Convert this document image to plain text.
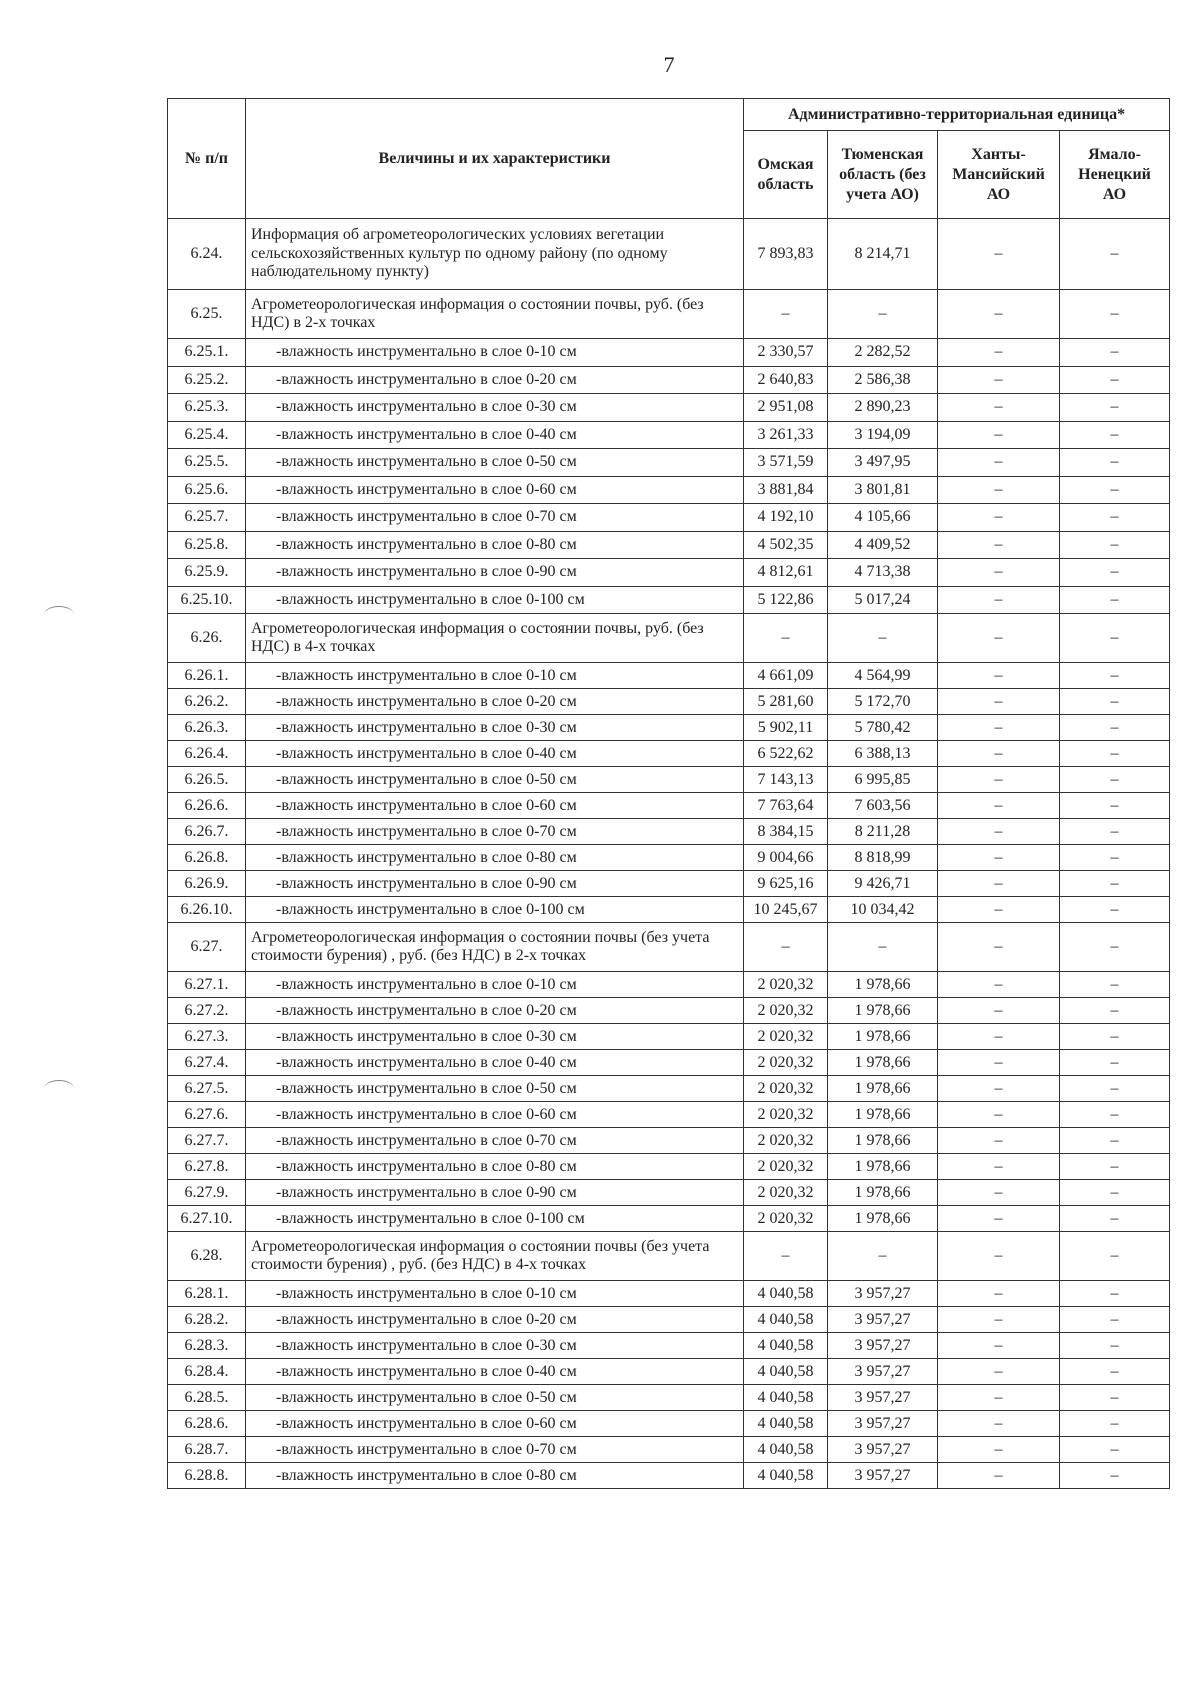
7
№ п/п	Величины и их характеристики	Административно-территориальная единица*			
		Омская область	Тюменская область (без учета АО)	Ханты-Мансийский АО	Ямало-Ненецкий АО
6.24.	Информация об агрометеорологических условиях вегетации сельскохозяйственных культур по одному району (по одному наблюдательному пункту)	7 893,83	8 214,71	–	–
6.25.	Агрометеорологическая информация о состоянии почвы, руб. (без НДС) в 2-х точках	–	–	–	–
6.25.1.	-влажность инструментально в слое 0-10 см	2 330,57	2 282,52	–	–
6.25.2.	-влажность инструментально в слое 0-20 см	2 640,83	2 586,38	–	–
6.25.3.	-влажность инструментально в слое 0-30 см	2 951,08	2 890,23	–	–
6.25.4.	-влажность инструментально в слое 0-40 см	3 261,33	3 194,09	–	–
6.25.5.	-влажность инструментально в слое 0-50 см	3 571,59	3 497,95	–	–
6.25.6.	-влажность инструментально в слое 0-60 см	3 881,84	3 801,81	–	–
6.25.7.	-влажность инструментально в слое 0-70 см	4 192,10	4 105,66	–	–
6.25.8.	-влажность инструментально в слое 0-80 см	4 502,35	4 409,52	–	–
6.25.9.	-влажность инструментально в слое 0-90 см	4 812,61	4 713,38	–	–
6.25.10.	-влажность инструментально в слое 0-100 см	5 122,86	5 017,24	–	–
6.26.	Агрометеорологическая информация о состоянии почвы, руб. (без НДС) в 4-х точках	–	–	–	–
6.26.1.	-влажность инструментально в слое 0-10 см	4 661,09	4 564,99	–	–
6.26.2.	-влажность инструментально в слое 0-20 см	5 281,60	5 172,70	–	–
6.26.3.	-влажность инструментально в слое 0-30 см	5 902,11	5 780,42	–	–
6.26.4.	-влажность инструментально в слое 0-40 см	6 522,62	6 388,13	–	–
6.26.5.	-влажность инструментально в слое 0-50 см	7 143,13	6 995,85	–	–
6.26.6.	-влажность инструментально в слое 0-60 см	7 763,64	7 603,56	–	–
6.26.7.	-влажность инструментально в слое 0-70 см	8 384,15	8 211,28	–	–
6.26.8.	-влажность инструментально в слое 0-80 см	9 004,66	8 818,99	–	–
6.26.9.	-влажность инструментально в слое 0-90 см	9 625,16	9 426,71	–	–
6.26.10.	-влажность инструментально в слое 0-100 см	10 245,67	10 034,42	–	–
6.27.	Агрометеорологическая информация о состоянии почвы (без учета стоимости бурения) , руб. (без НДС) в 2-х точках	–	–	–	–
6.27.1.	-влажность инструментально в слое 0-10 см	2 020,32	1 978,66	–	–
6.27.2.	-влажность инструментально в слое 0-20 см	2 020,32	1 978,66	–	–
6.27.3.	-влажность инструментально в слое 0-30 см	2 020,32	1 978,66	–	–
6.27.4.	-влажность инструментально в слое 0-40 см	2 020,32	1 978,66	–	–
6.27.5.	-влажность инструментально в слое 0-50 см	2 020,32	1 978,66	–	–
6.27.6.	-влажность инструментально в слое 0-60 см	2 020,32	1 978,66	–	–
6.27.7.	-влажность инструментально в слое 0-70 см	2 020,32	1 978,66	–	–
6.27.8.	-влажность инструментально в слое 0-80 см	2 020,32	1 978,66	–	–
6.27.9.	-влажность инструментально в слое 0-90 см	2 020,32	1 978,66	–	–
6.27.10.	-влажность инструментально в слое 0-100 см	2 020,32	1 978,66	–	–
6.28.	Агрометеорологическая информация о состоянии почвы (без учета стоимости бурения) , руб. (без НДС) в 4-х точках	–	–	–	–
6.28.1.	-влажность инструментально в слое 0-10 см	4 040,58	3 957,27	–	–
6.28.2.	-влажность инструментально в слое 0-20 см	4 040,58	3 957,27	–	–
6.28.3.	-влажность инструментально в слое 0-30 см	4 040,58	3 957,27	–	–
6.28.4.	-влажность инструментально в слое 0-40 см	4 040,58	3 957,27	–	–
6.28.5.	-влажность инструментально в слое 0-50 см	4 040,58	3 957,27	–	–
6.28.6.	-влажность инструментально в слое 0-60 см	4 040,58	3 957,27	–	–
6.28.7.	-влажность инструментально в слое 0-70 см	4 040,58	3 957,27	–	–
6.28.8.	-влажность инструментально в слое 0-80 см	4 040,58	3 957,27	–	–
